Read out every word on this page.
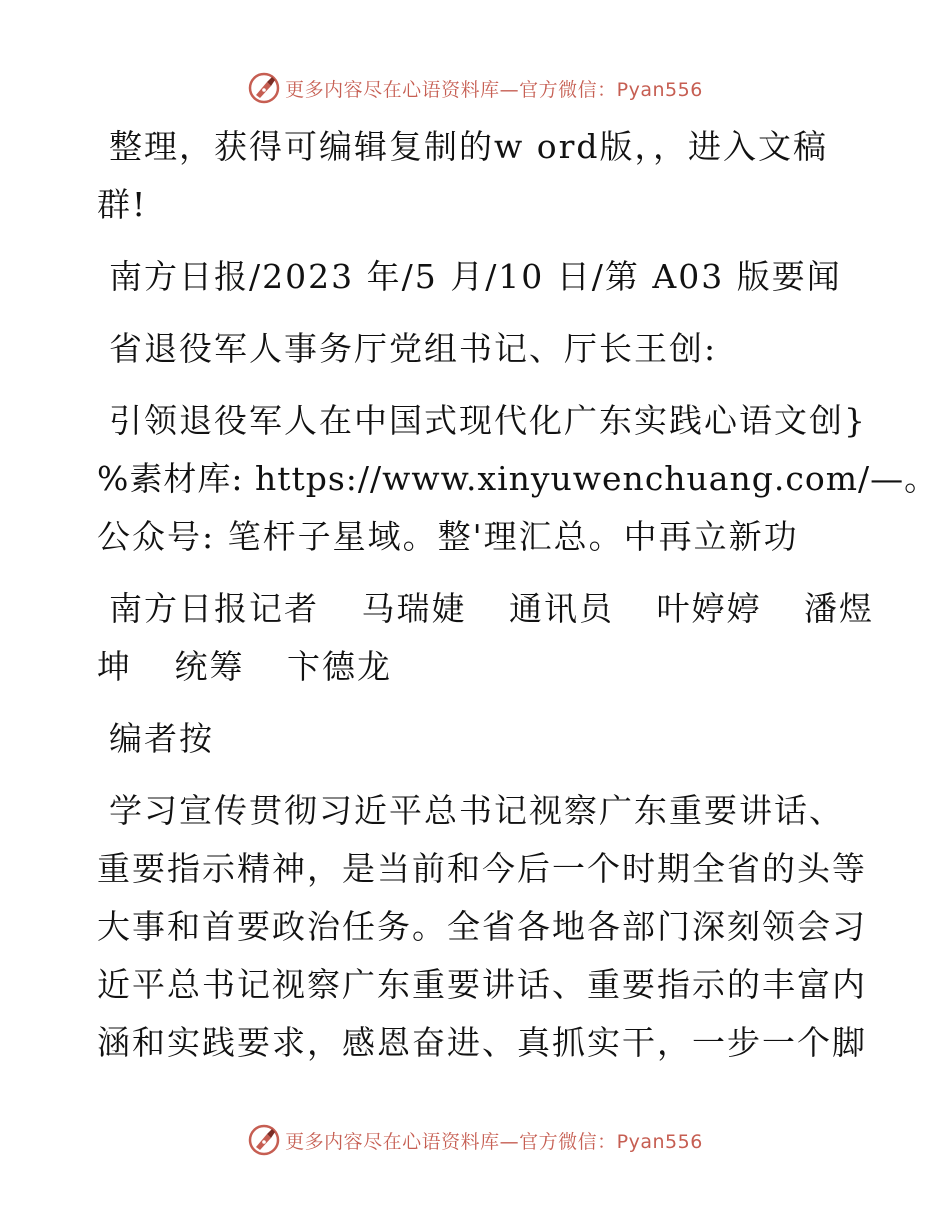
更多内容尽在心语资料库—官方微信：Pyan556
整理，获得可编辑复制的w ord版，，进入文稿
群!
南方日报/2023 年/5 月/10 日/第 A03 版要闻
省退役军人事务厅党组书记、厅长王创:
引领退役军人在中国式现代化广东实践心语文创}
%素材库: https://www.xinyuwenchuang.com/—。
公众号: 笔杆子星域。整'理汇总。中再立新功
南方日报记者 马瑞婕 通讯员 叶婷婷 潘煜
坤 统筹 卞德龙
编者按
学习宣传贯彻习近平总书记视察广东重要讲话、
重要指示精神，是当前和今后一个时期全省的头等
大事和首要政治任务。全省各地各部门深刻领会习
近平总书记视察广东重要讲话、重要指示的丰富内
涵和实践要求，感恩奋进、真抓实干，一步一个脚
更多内容尽在心语资料库—官方微信：Pyan556
